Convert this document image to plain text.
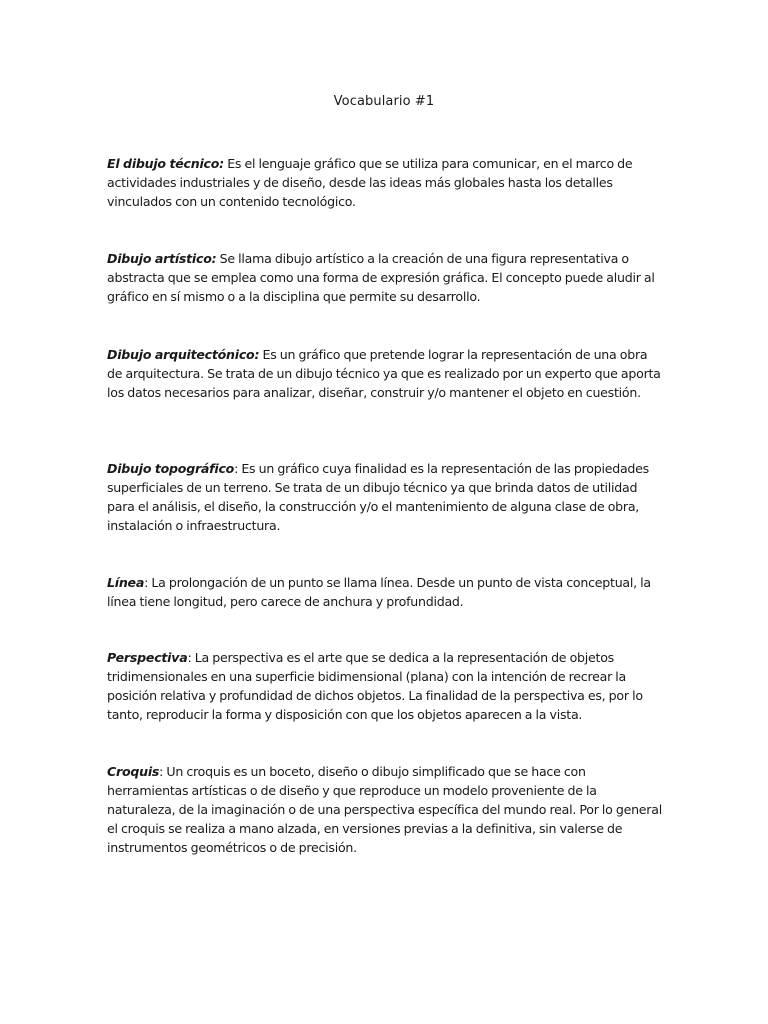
Vocabulario #1

El dibujo técnico: Es el lenguaje gráfico que se utiliza para comunicar, en el marco de actividades industriales y de diseño, desde las ideas más globales hasta los detalles vinculados con un contenido tecnológico.

Dibujo artístico: Se llama dibujo artístico a la creación de una figura representativa o abstracta que se emplea como una forma de expresión gráfica. El concepto puede aludir al gráfico en sí mismo o a la disciplina que permite su desarrollo.

Dibujo arquitectónico: Es un gráfico que pretende lograr la representación de una obra de arquitectura. Se trata de un dibujo técnico ya que es realizado por un experto que aporta los datos necesarios para analizar, diseñar, construir y/o mantener el objeto en cuestión.

Dibujo topográfico: Es un gráfico cuya finalidad es la representación de las propiedades superficiales de un terreno. Se trata de un dibujo técnico ya que brinda datos de utilidad para el análisis, el diseño, la construcción y/o el mantenimiento de alguna clase de obra, instalación o infraestructura.

Línea: La prolongación de un punto se llama línea. Desde un punto de vista conceptual, la línea tiene longitud, pero carece de anchura y profundidad.

Perspectiva: La perspectiva es el arte que se dedica a la representación de objetos tridimensionales en una superficie bidimensional (plana) con la intención de recrear la posición relativa y profundidad de dichos objetos. La finalidad de la perspectiva es, por lo tanto, reproducir la forma y disposición con que los objetos aparecen a la vista.

Croquis: Un croquis es un boceto, diseño o dibujo simplificado que se hace con herramientas artísticas o de diseño y que reproduce un modelo proveniente de la naturaleza, de la imaginación o de una perspectiva específica del mundo real. Por lo general el croquis se realiza a mano alzada, en versiones previas a la definitiva, sin valerse de instrumentos geométricos o de precisión.
